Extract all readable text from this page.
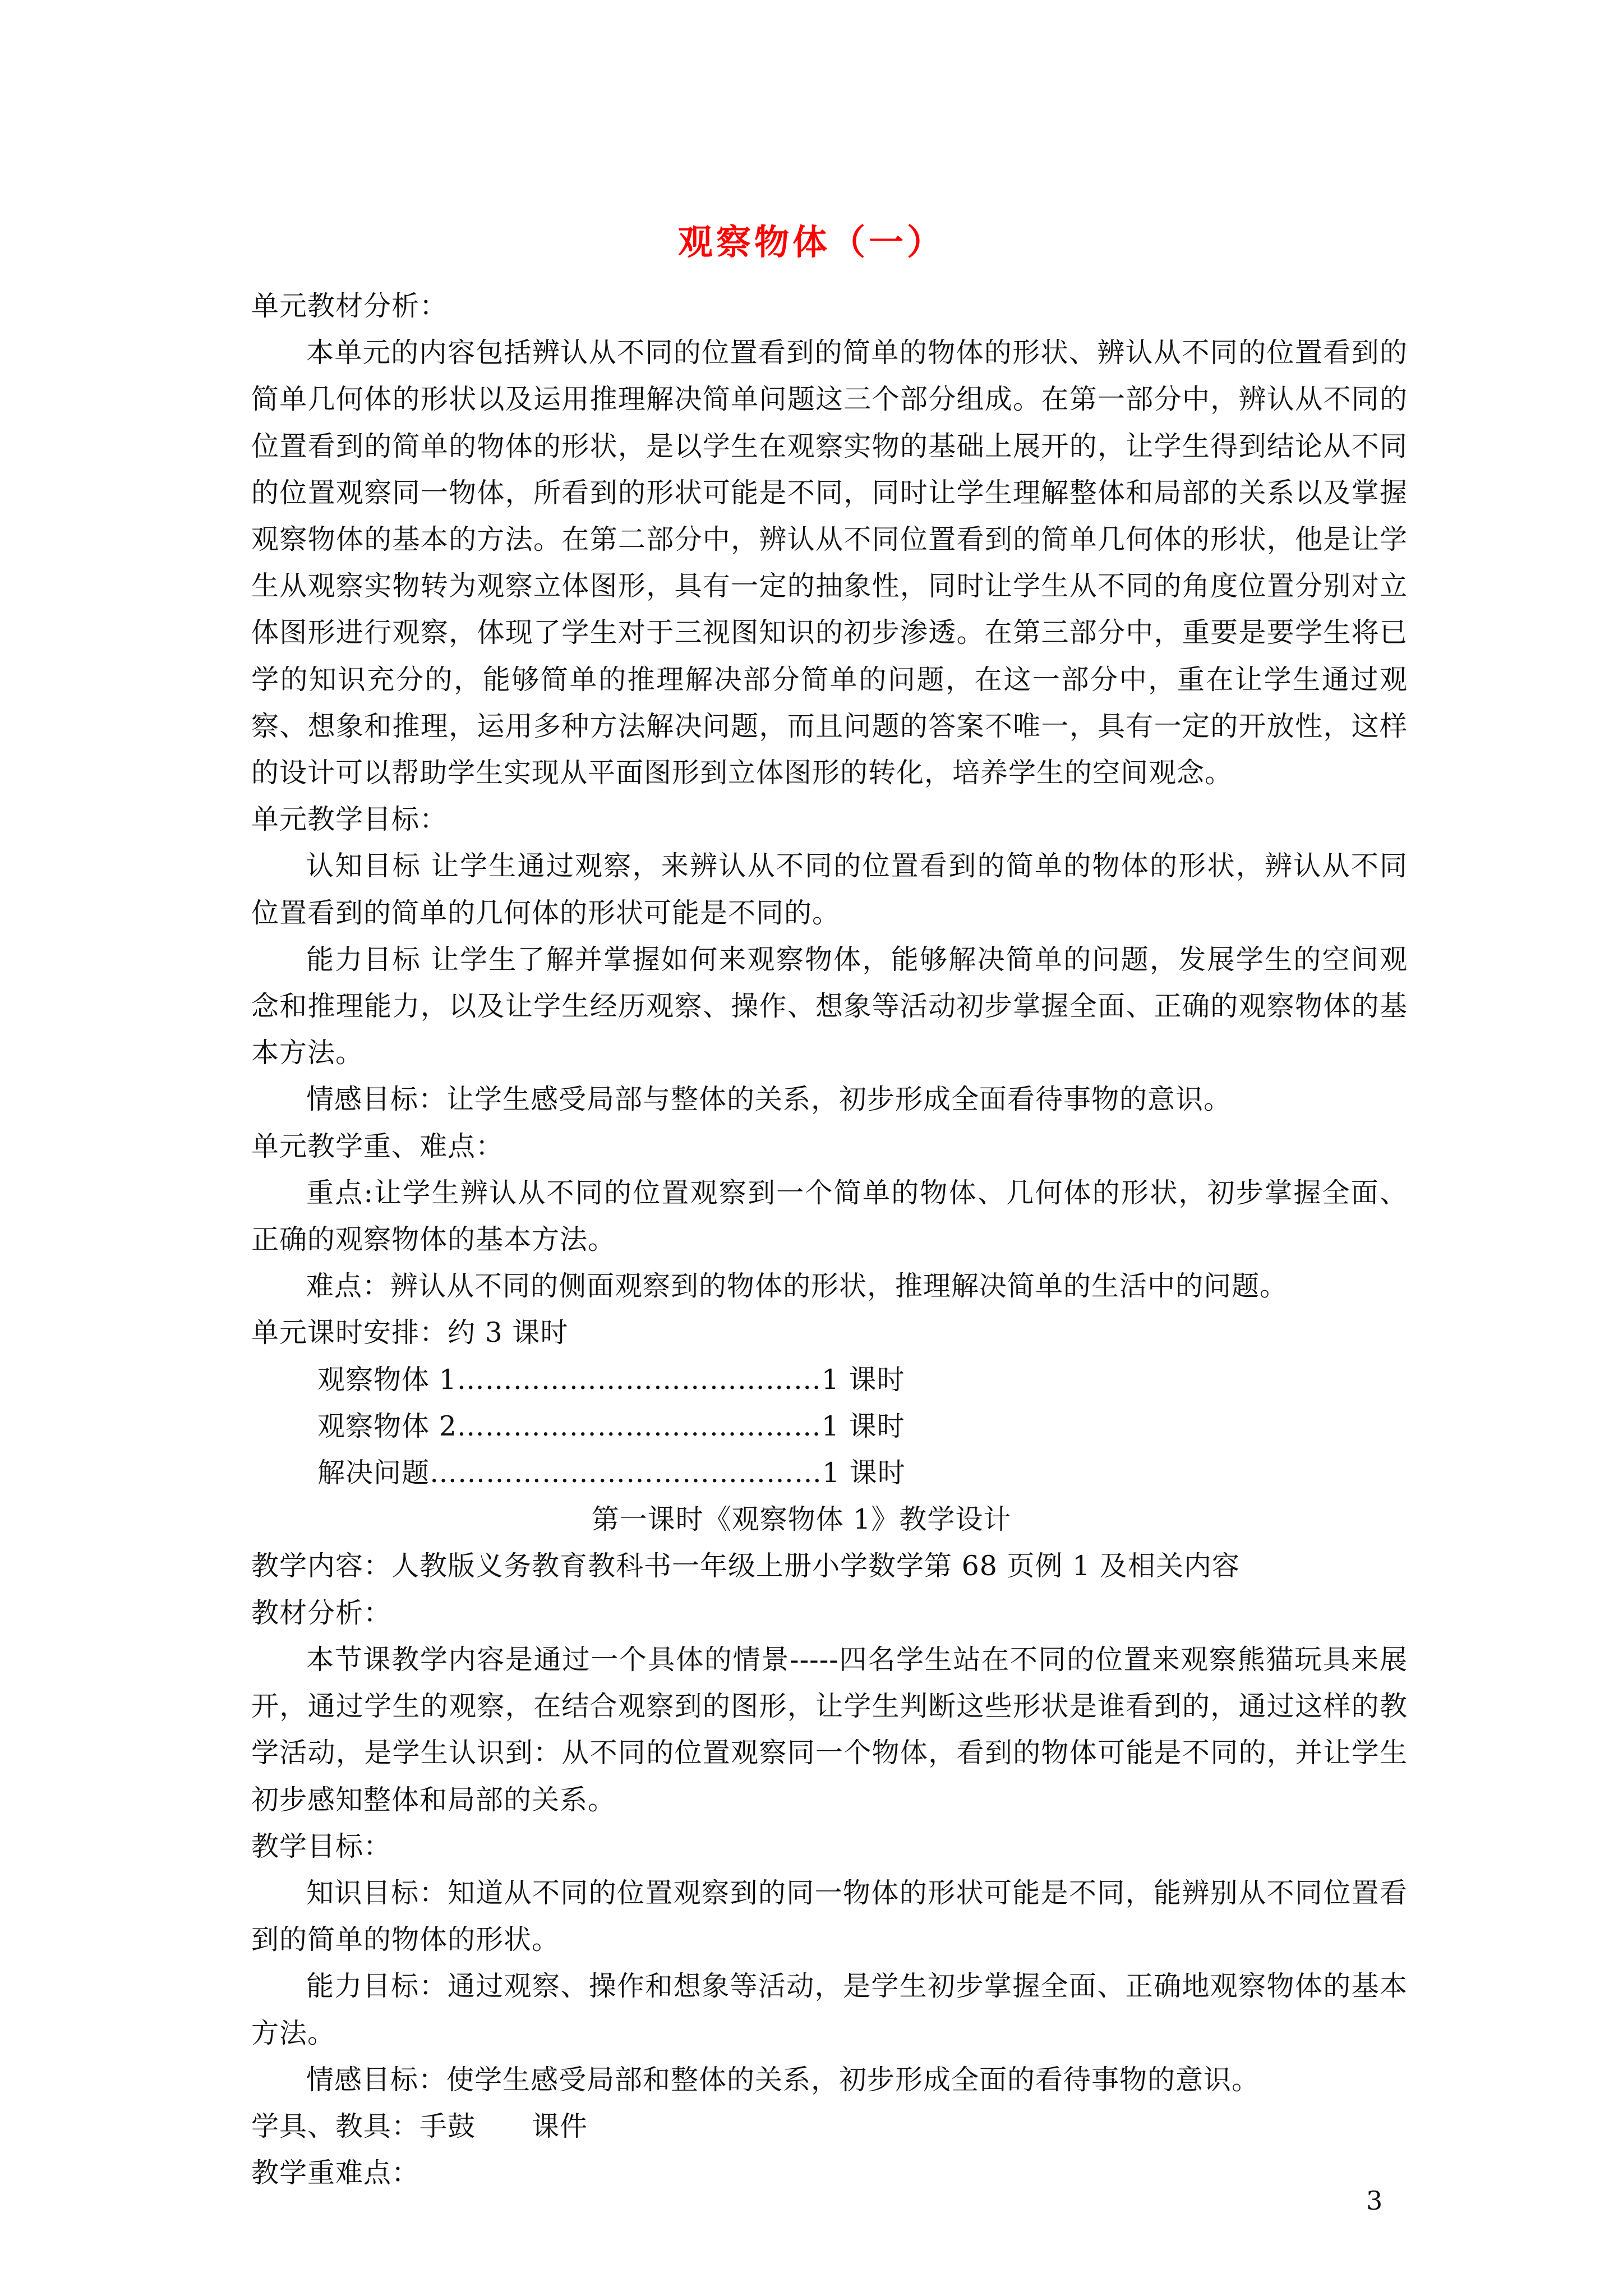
观察物体（一）

单元教材分析：

本单元的内容包括辨认从不同的位置看到的简单的物体的形状、辨认从不同的位置看到的简单几何体的形状以及运用推理解决简单问题这三个部分组成。在第一部分中，辨认从不同的位置看到的简单的物体的形状，是以学生在观察实物的基础上展开的，让学生得到结论从不同的位置观察同一物体，所看到的形状可能是不同，同时让学生理解整体和局部的关系以及掌握观察物体的基本的方法。在第二部分中，辨认从不同位置看到的简单几何体的形状，他是让学生从观察实物转为观察立体图形，具有一定的抽象性，同时让学生从不同的角度位置分别对立体图形进行观察，体现了学生对于三视图知识的初步渗透。在第三部分中，重要是要学生将已学的知识充分的，能够简单的推理解决部分简单的问题，在这一部分中，重在让学生通过观察、想象和推理，运用多种方法解决问题，而且问题的答案不唯一，具有一定的开放性，这样的设计可以帮助学生实现从平面图形到立体图形的转化，培养学生的空间观念。

单元教学目标：

认知目标 让学生通过观察，来辨认从不同的位置看到的简单的物体的形状，辨认从不同位置看到的简单的几何体的形状可能是不同的。

能力目标 让学生了解并掌握如何来观察物体，能够解决简单的问题，发展学生的空间观念和推理能力，以及让学生经历观察、操作、想象等活动初步掌握全面、正确的观察物体的基本方法。

情感目标：让学生感受局部与整体的关系，初步形成全面看待事物的意识。

单元教学重、难点：

重点:让学生辨认从不同的位置观察到一个简单的物体、几何体的形状，初步掌握全面、正确的观察物体的基本方法。

难点：辨认从不同的侧面观察到的物体的形状，推理解决简单的生活中的问题。

单元课时安排：约 3 课时

观察物体 1…………………………………1 课时

观察物体 2…………………………………1 课时

解决问题……………………………………1 课时

第一课时《观察物体 1》教学设计

教学内容：人教版义务教育教科书一年级上册小学数学第 68 页例 1 及相关内容

教材分析：

本节课教学内容是通过一个具体的情景-----四名学生站在不同的位置来观察熊猫玩具来展开，通过学生的观察，在结合观察到的图形，让学生判断这些形状是谁看到的，通过这样的教学活动，是学生认识到：从不同的位置观察同一个物体，看到的物体可能是不同的，并让学生初步感知整体和局部的关系。

教学目标：

知识目标：知道从不同的位置观察到的同一物体的形状可能是不同，能辨别从不同位置看到的简单的物体的形状。

能力目标：通过观察、操作和想象等活动，是学生初步掌握全面、正确地观察物体的基本方法。

情感目标：使学生感受局部和整体的关系，初步形成全面的看待事物的意识。

学具、教具：手鼓　　课件

教学重难点：

3
